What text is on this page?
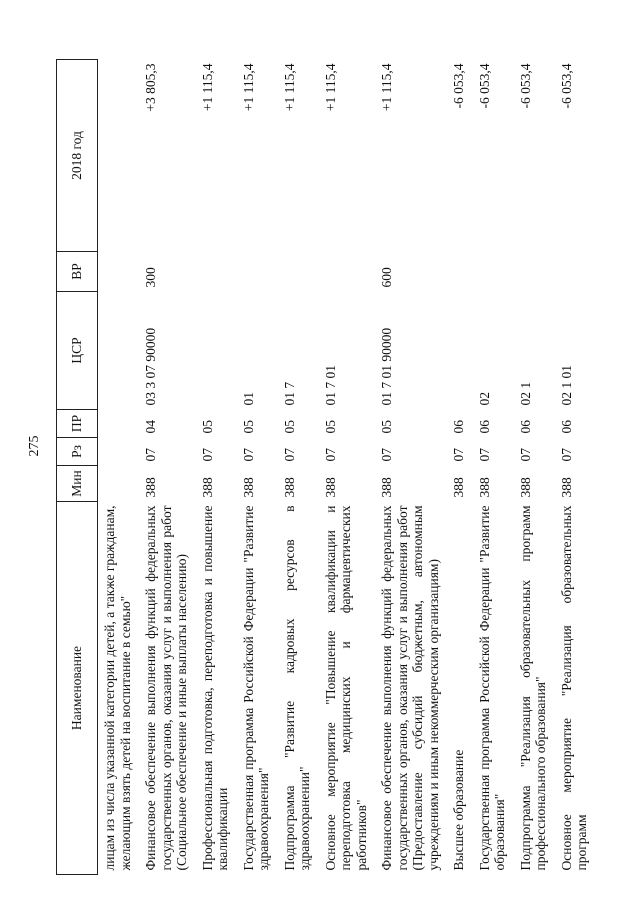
275
Наименование	Мин	Рз	ПР	ЦСР	ВР	2018 год
лицам из числа указанной категории детей, а также гражданам, желающим взять детей на воспитание в семью"						
Финансовое обеспечение выполнения функций федеральных государственных органов, оказания услуг и выполнения работ (Социальное обеспечение и иные выплаты населению)	388	07	04	03 3 07 90000	300	+3 805,3
Профессиональная подготовка, переподготовка и повышение квалификации	388	07	05			+1 115,4
Государственная программа Российской Федерации "Развитие здравоохранения"	388	07	05	01		+1 115,4
Подпрограмма "Развитие кадровых ресурсов в здравоохранении"	388	07	05	01 7		+1 115,4
Основное мероприятие "Повышение квалификации и переподготовка медицинских и фармацевтических работников"	388	07	05	01 7 01		+1 115,4
Финансовое обеспечение выполнения функций федеральных государственных органов, оказания услуг и выполнения работ (Предоставление субсидий бюджетным, автономным учреждениям и иным некоммерческим организациям)	388	07	05	01 7 01 90000	600	+1 115,4
Высшее образование	388	07	06			-6 053,4
Государственная программа Российской Федерации "Развитие образования"	388	07	06	02		-6 053,4
Подпрограмма "Реализация образовательных программ профессионального образования"	388	07	06	02 1		-6 053,4
Основное мероприятие "Реализация образовательных программ	388	07	06	02 1 01		-6 053,4
